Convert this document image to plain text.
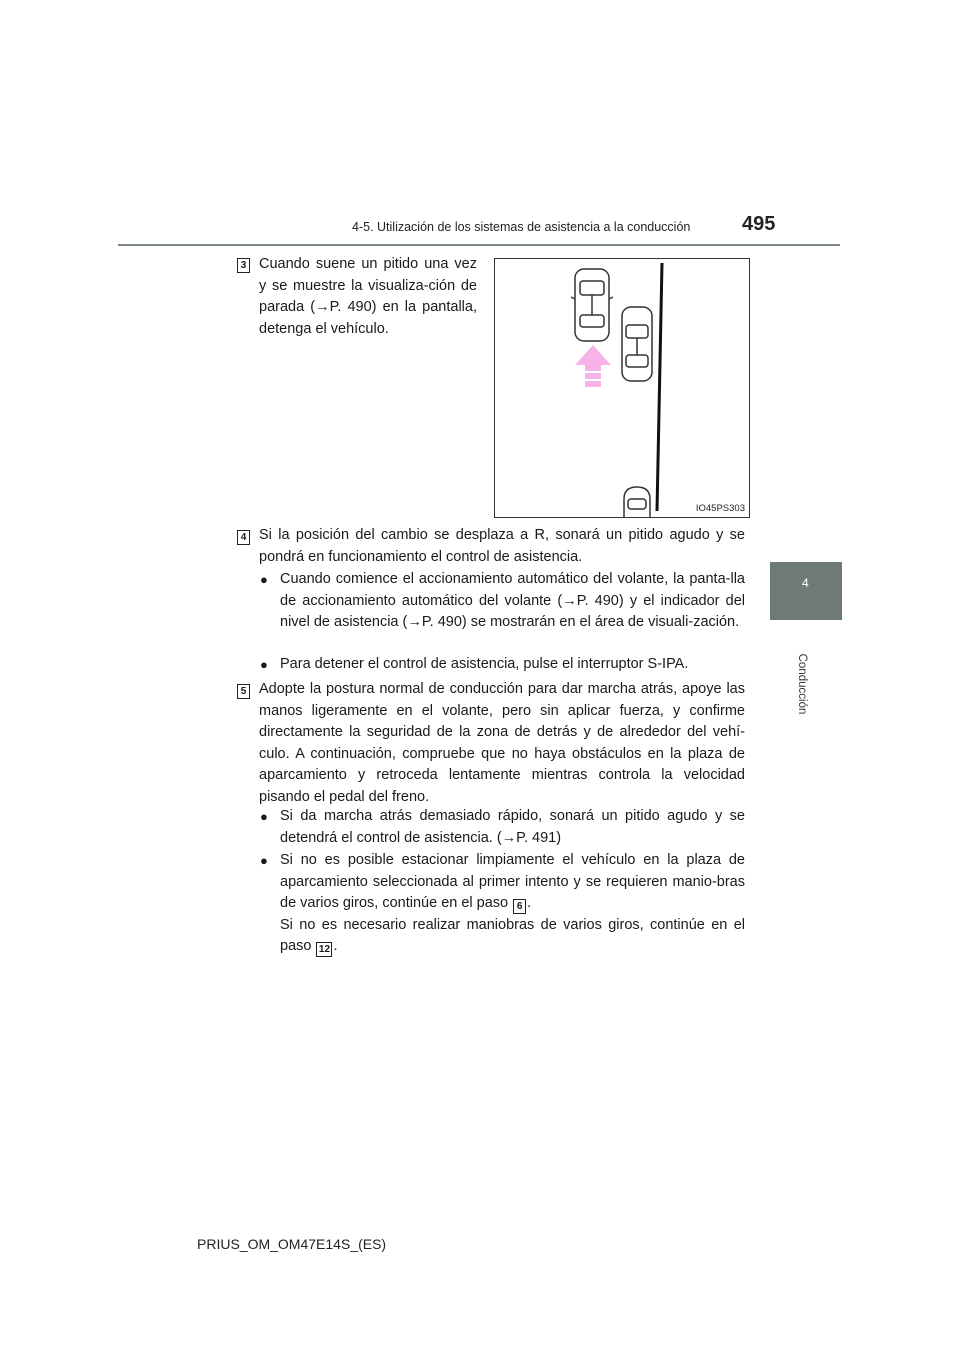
4-5. Utilización de los sistemas de asistencia a la conducción	495
4
Conducción
3 Cuando suene un pitido una vez y se muestre la visualiza-ción de parada (→P. 490) en la pantalla, detenga el vehículo.
IO45PS303
4 Si la posición del cambio se desplaza a R, sonará un pitido agudo y se pondrá en funcionamiento el control de asistencia.
● Cuando comience el accionamiento automático del volante, la panta-lla de accionamiento automático del volante (→P. 490) y el indicador del nivel de asistencia (→P. 490) se mostrarán en el área de visuali-zación.
● Para detener el control de asistencia, pulse el interruptor S-IPA.
5 Adopte la postura normal de conducción para dar marcha atrás, apoye las manos ligeramente en el volante, pero sin aplicar fuerza, y confirme directamente la seguridad de la zona de detrás y de alrededor del vehí-culo. A continuación, compruebe que no haya obstáculos en la plaza de aparcamiento y retroceda lentamente mientras controla la velocidad pisando el pedal del freno.
● Si da marcha atrás demasiado rápido, sonará un pitido agudo y se detendrá el control de asistencia. (→P. 491)
● Si no es posible estacionar limpiamente el vehículo en la plaza de aparcamiento seleccionada al primer intento y se requieren manio-bras de varios giros, continúe en el paso 6 .
Si no es necesario realizar maniobras de varios giros, continúe en el paso 12 .
PRIUS_OM_OM47E14S_(ES)
